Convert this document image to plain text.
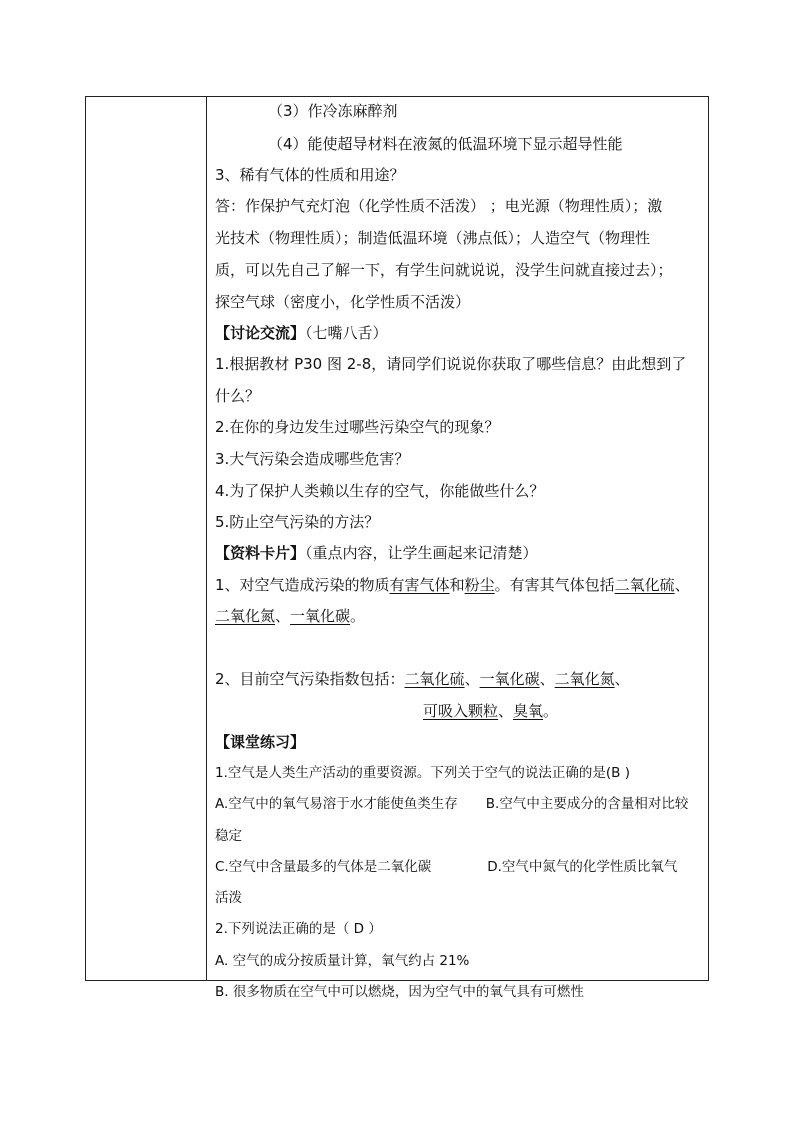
（3）作冷冻麻醉剂
（4）能使超导材料在液氮的低温环境下显示超导性能
3、稀有气体的性质和用途？
答：作保护气充灯泡（化学性质不活泼） ；电光源（物理性质）；激
光技术（物理性质）；制造低温环境（沸点低）；人造空气（物理性
质，可以先自己了解一下，有学生问就说说，没学生问就直接过去）；
探空气球（密度小，化学性质不活泼）
【讨论交流】（七嘴八舌）
1.根据教材 P30 图 2-8，请同学们说说你获取了哪些信息？由此想到了
什么？
2.在你的身边发生过哪些污染空气的现象？
3.大气污染会造成哪些危害？
4.为了保护人类赖以生存的空气，你能做些什么？
5.防止空气污染的方法？
【资料卡片】（重点内容，让学生画起来记清楚）
1、对空气造成污染的物质有害气体和粉尘。有害其气体包括二氧化硫、
二氧化氮、一氧化碳。
2、目前空气污染指数包括：二氧化硫、一氧化碳、二氧化氮、
可吸入颗粒、臭氧。
【课堂练习】
1.空气是人类生产活动的重要资源。下列关于空气的说法正确的是(B )
A.空气中的氧气易溶于水才能使鱼类生存 B.空气中主要成分的含量相对比较
稳定
C.空气中含量最多的气体是二氧化碳	D.空气中氮气的化学性质比氧气
活泼
2.下列说法正确的是（ D ）
A. 空气的成分按质量计算，氧气约占 21%
B. 很多物质在空气中可以燃烧，因为空气中的氧气具有可燃性
